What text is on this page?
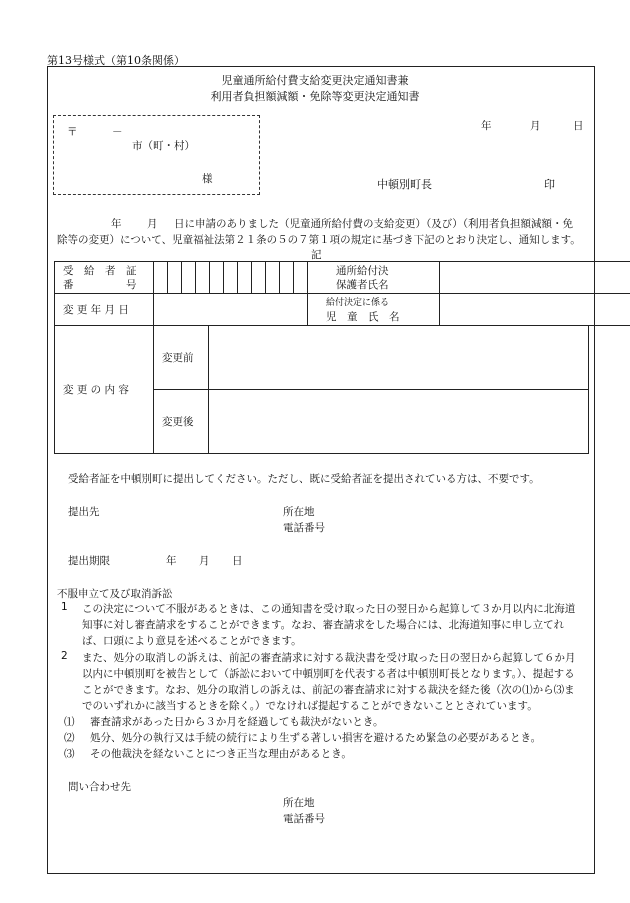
第13号様式（第10条関係）
児童通所給付費支給変更決定通知書兼
利用者負担額減額・免除等変更決定通知書
年	月	日
〒	－
市（町・村）
様	中頓別町長	印
年 月 日に申請のありました（児童通所給付費の支給変更）（及び）（利用者負担額減額・免
除等の変更）について、児童福祉法第２１条の５の７第１項の規定に基づき下記のとおり決定し、通知します。
記
受　給　者　証
番　　　　　号												通所給付決
保護者氏名	

変 更 年 月 日												給付決定に係る
児　童　氏　名	

変 更 の 内 容	変更前	
	変更後	
受給者証を中頓別町に提出してください。ただし、既に受給者証を提出されている方は、不要です。
提出先	所在地
電話番号
提出期限	年 月 日
不服申立て及び取消訴訟
1 この決定について不服があるときは、この通知書を受け取った日の翌日から起算して３か月以内に北海道知事に対し審査請求をすることができます。なお、審査請求をした場合には、北海道知事に申し立てれば、口頭により意見を述べることができます。
2 また、処分の取消しの訴えは、前記の審査請求に対する裁決書を受け取った日の翌日から起算して６か月以内に中頓別町を被告として（訴訟において中頓別町を代表する者は中頓別町長となります。）、提起することができます。なお、処分の取消しの訴えは、前記の審査請求に対する裁決を経た後（次の⑴から⑶までのいずれかに該当するときを除く。）でなければ提起することができないこととされています。
⑴ 審査請求があった日から３か月を経過しても裁決がないとき。
⑵ 処分、処分の執行又は手続の続行により生ずる著しい損害を避けるため緊急の必要があるとき。
⑶ その他裁決を経ないことにつき正当な理由があるとき。
問い合わせ先
所在地
電話番号
